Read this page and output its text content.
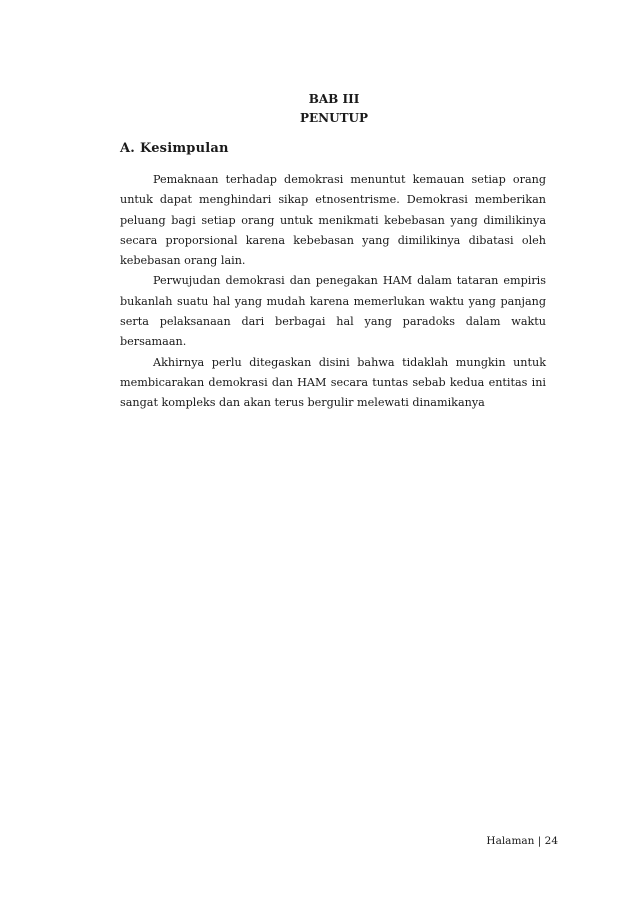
BAB III
PENUTUP
A. Kesimpulan

Pemaknaan terhadap demokrasi menuntut kemauan setiap orang untuk dapat menghindari sikap etnosentrisme. Demokrasi memberikan peluang bagi setiap orang untuk menikmati kebebasan yang dimilikinya secara proporsional karena kebebasan yang dimilikinya dibatasi oleh kebebasan orang lain.

Perwujudan demokrasi dan penegakan HAM dalam tataran empiris bukanlah suatu hal yang mudah karena memerlukan waktu yang panjang serta pelaksanaan dari berbagai hal yang paradoks dalam waktu bersamaan.

Akhirnya perlu ditegaskan disini bahwa tidaklah mungkin untuk membicarakan demokrasi dan HAM secara tuntas sebab kedua entitas ini sangat kompleks dan akan terus bergulir melewati dinamikanya

Halaman | 24
